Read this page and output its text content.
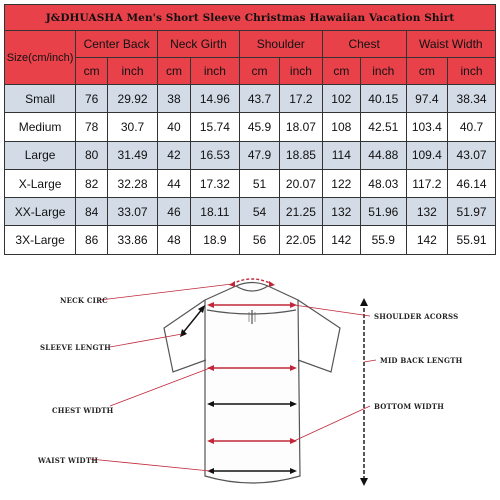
J&DHUASHA Men's Short Sleeve Christmas Hawaiian Vacation Shirt										
Size(cm/inch)	Center Back		Neck Girth		Shoulder		Chest		Waist Width	
	cm	inch	cm	inch	cm	inch	cm	inch	cm	inch
Small	76	29.92	38	14.96	43.7	17.2	102	40.15	97.4	38.34
Medium	78	30.7	40	15.74	45.9	18.07	108	42.51	103.4	40.7
Large	80	31.49	42	16.53	47.9	18.85	114	44.88	109.4	43.07
X-Large	82	32.28	44	17.32	51	20.07	122	48.03	117.2	46.14
XX-Large	84	33.07	46	18.11	54	21.25	132	51.96	132	51.97
3X-Large	86	33.86	48	18.9	56	22.05	142	55.9	142	55.91
NECK CIRC
SHOULDER ACORSS
SLEEVE LENGTH
MID BACK LENGTH
CHEST WIDTH	BOTTOM WIDTH
WAIST WIDTH
